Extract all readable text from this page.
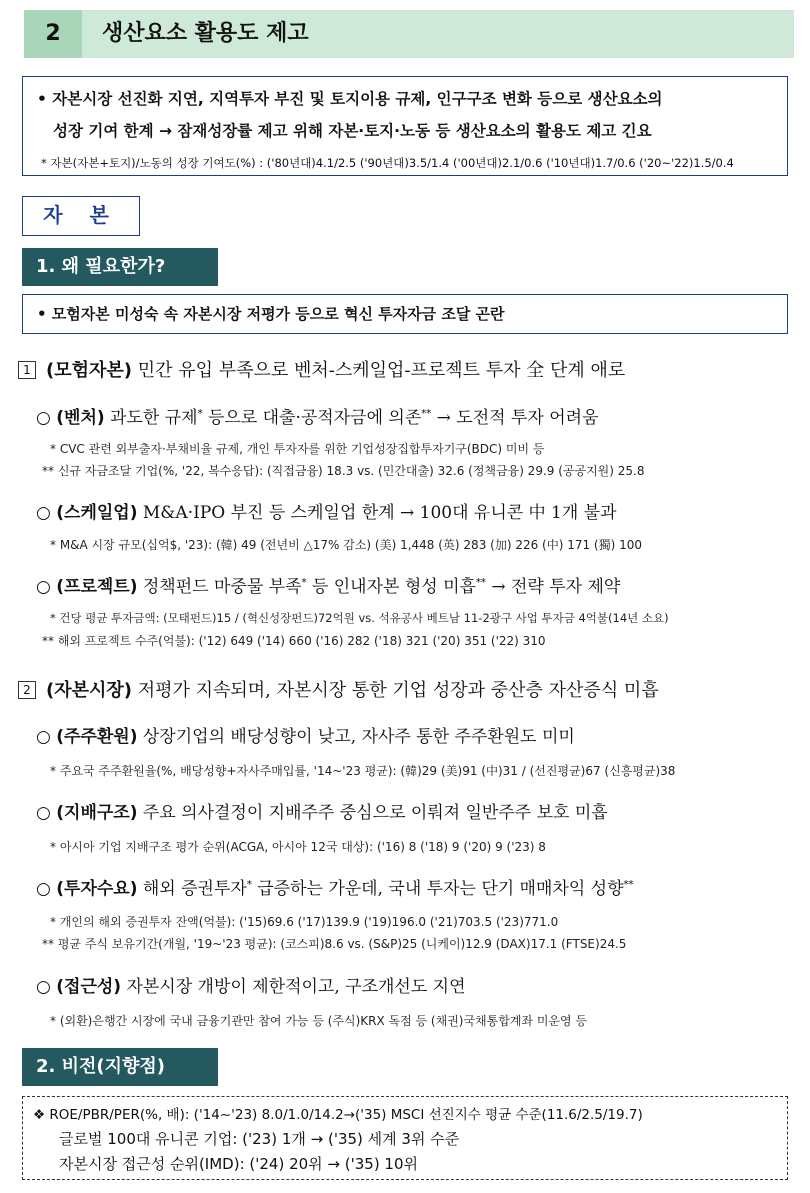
2	생산요소 활용도 제고
• 자본시장 선진화 지연, 지역투자 부진 및 토지이용 규제, 인구구조 변화 등으로 생산요소의
성장 기여 한계 → 잠재성장률 제고 위해 자본·토지·노동 등 생산요소의 활용도 제고 긴요
* 자본(자본+토지)/노동의 성장 기여도(%) : ('80년대)4.1/2.5 ('90년대)3.5/1.4 ('00년대)2.1/0.6 ('10년대)1.7/0.6 ('20~'22)1.5/0.4
자 본
1. 왜 필요한가?
• 모험자본 미성숙 속 자본시장 저평가 등으로 혁신 투자자금 조달 곤란
1 (모험자본) 민간 유입 부족으로 벤처-스케일업-프로젝트 투자 全 단계 애로
○ (벤처) 과도한 규제* 등으로 대출·공적자금에 의존** → 도전적 투자 어려움
* CVC 관련 외부출자·부채비율 규제, 개인 투자자를 위한 기업성장집합투자기구(BDC) 미비 등
** 신규 자금조달 기업(%, '22, 복수응답): (직접금융) 18.3 vs. (민간대출) 32.6 (정책금융) 29.9 (공공지원) 25.8
○ (스케일업) M&A·IPO 부진 등 스케일업 한계 → 100대 유니콘 中 1개 불과
* M&A 시장 규모(십억$, '23): (韓) 49 (전년비 △17% 감소) (美) 1,448 (英) 283 (加) 226 (中) 171 (獨) 100
○ (프로젝트) 정책펀드 마중물 부족* 등 인내자본 형성 미흡** → 전략 투자 제약
* 건당 평균 투자금액: (모태펀드)15 / (혁신성장펀드)72억원 vs. 석유공사 베트남 11-2광구 사업 투자금 4억불(14년 소요)
** 해외 프로젝트 수주(억불): ('12) 649 ('14) 660 ('16) 282 ('18) 321 ('20) 351 ('22) 310
2 (자본시장) 저평가 지속되며, 자본시장 통한 기업 성장과 중산층 자산증식 미흡
○ (주주환원) 상장기업의 배당성향이 낮고, 자사주 통한 주주환원도 미미
* 주요국 주주환원율(%, 배당성향+자사주매입률, '14~'23 평균): (韓)29 (美)91 (中)31 / (선진평균)67 (신흥평균)38
○ (지배구조) 주요 의사결정이 지배주주 중심으로 이뤄져 일반주주 보호 미흡
* 아시아 기업 지배구조 평가 순위(ACGA, 아시아 12국 대상): ('16) 8 ('18) 9 ('20) 9 ('23) 8
○ (투자수요) 해외 증권투자* 급증하는 가운데, 국내 투자는 단기 매매차익 성향**
* 개인의 해외 증권투자 잔액(억불): ('15)69.6 ('17)139.9 ('19)196.0 ('21)703.5 ('23)771.0
** 평균 주식 보유기간(개월, '19~'23 평균): (코스피)8.6 vs. (S&P)25 (니케이)12.9 (DAX)17.1 (FTSE)24.5
○ (접근성) 자본시장 개방이 제한적이고, 구조개선도 지연
* (외환)은행간 시장에 국내 금융기관만 참여 가능 등 (주식)KRX 독점 등 (채권)국채통합계좌 미운영 등
2. 비전(지향점)
❖ ROE/PBR/PER(%, 배): ('14~'23) 8.0/1.0/14.2→('35) MSCI 선진지수 평균 수준(11.6/2.5/19.7)
글로벌 100대 유니콘 기업: ('23) 1개 → ('35) 세계 3위 수준
자본시장 접근성 순위(IMD): ('24) 20위 → ('35) 10위
